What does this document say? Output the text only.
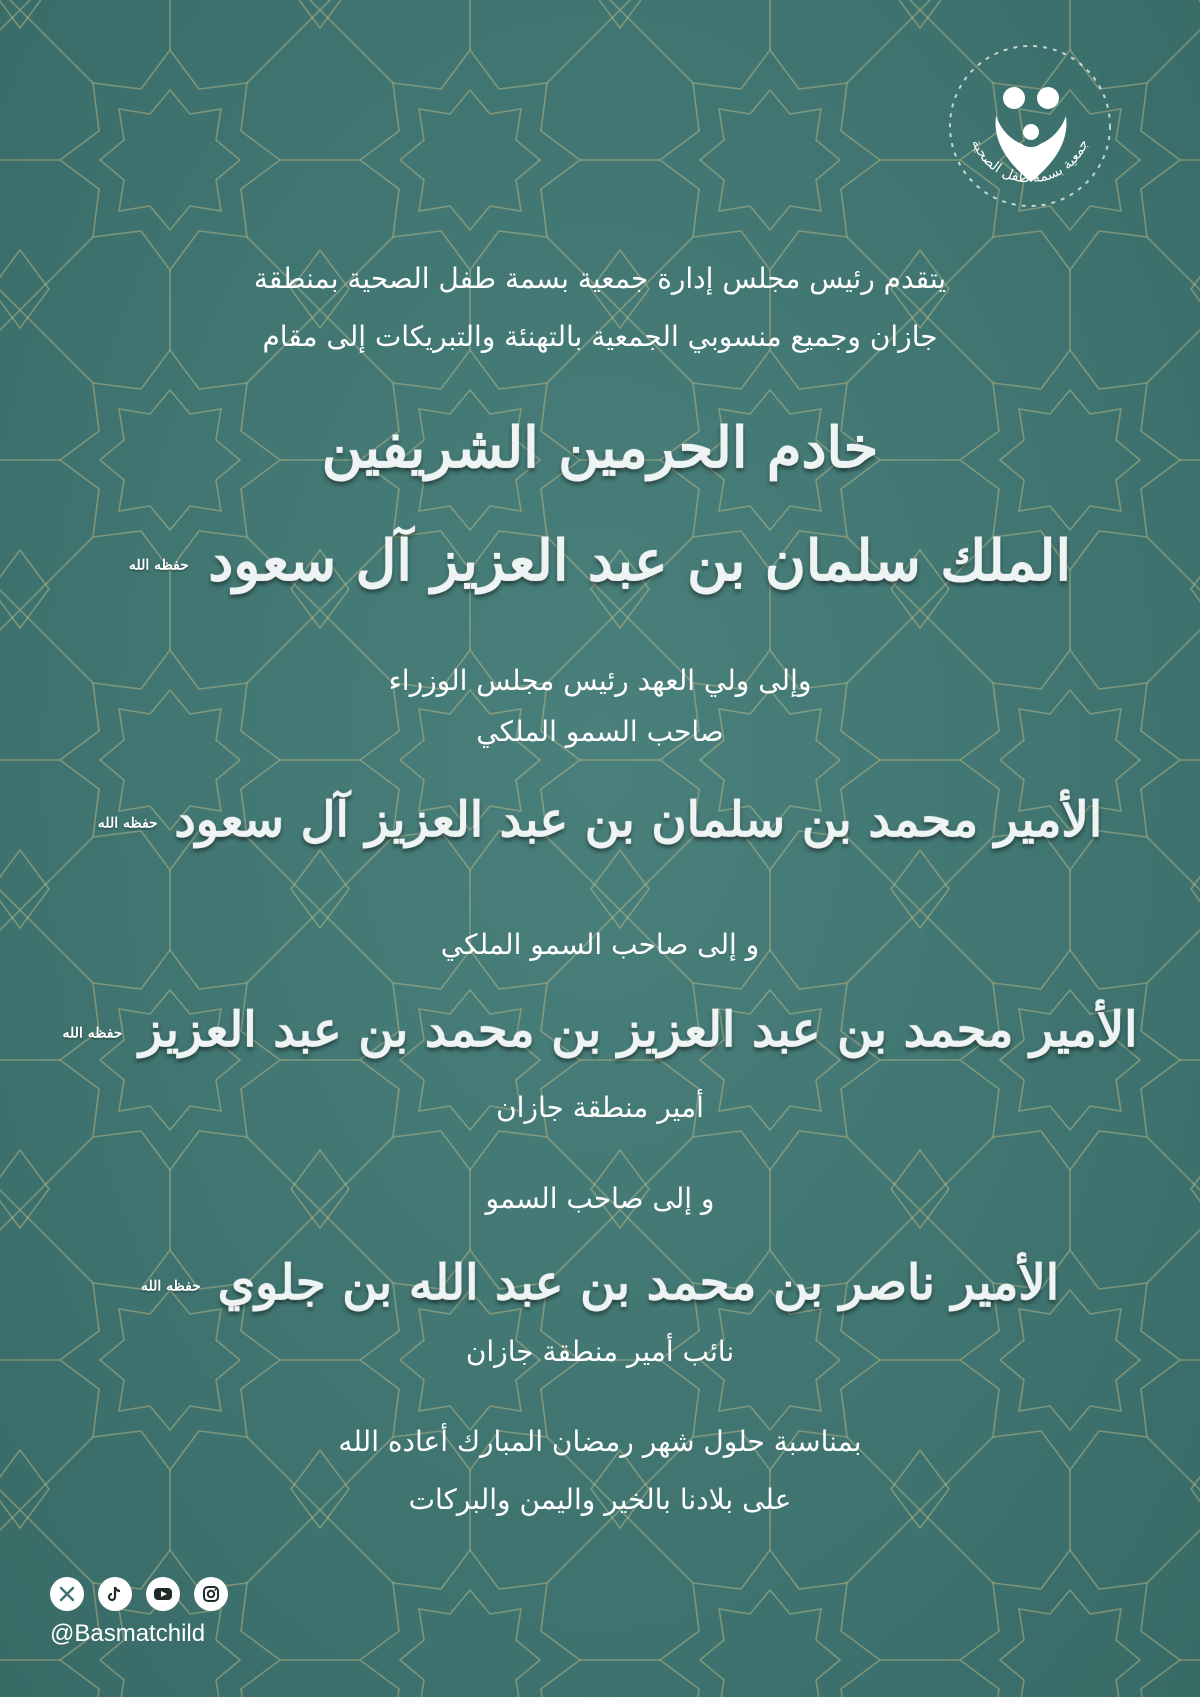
جمعية بسمة طفل الصحية
يتقدم رئيس مجلس إدارة جمعية بسمة طفل الصحية بمنطقة
جازان وجميع منسوبي الجمعية بالتهنئة والتبريكات إلى مقام
خادم الحرمين الشريفين
الملك سلمان بن عبد العزيز آل سعود حفظه الله
وإلى ولي العهد رئيس مجلس الوزراء
صاحب السمو الملكي
الأمير محمد بن سلمان بن عبد العزيز آل سعود حفظه الله
و إلى صاحب السمو الملكي
الأمير محمد بن عبد العزيز بن محمد بن عبد العزيز حفظه الله
أمير منطقة جازان
و إلى صاحب السمو
الأمير ناصر بن محمد بن عبد الله بن جلوي حفظه الله
نائب أمير منطقة جازان
بمناسبة حلول شهر رمضان المبارك أعاده الله
على بلادنا بالخير واليمن والبركات
@Basmatchild
